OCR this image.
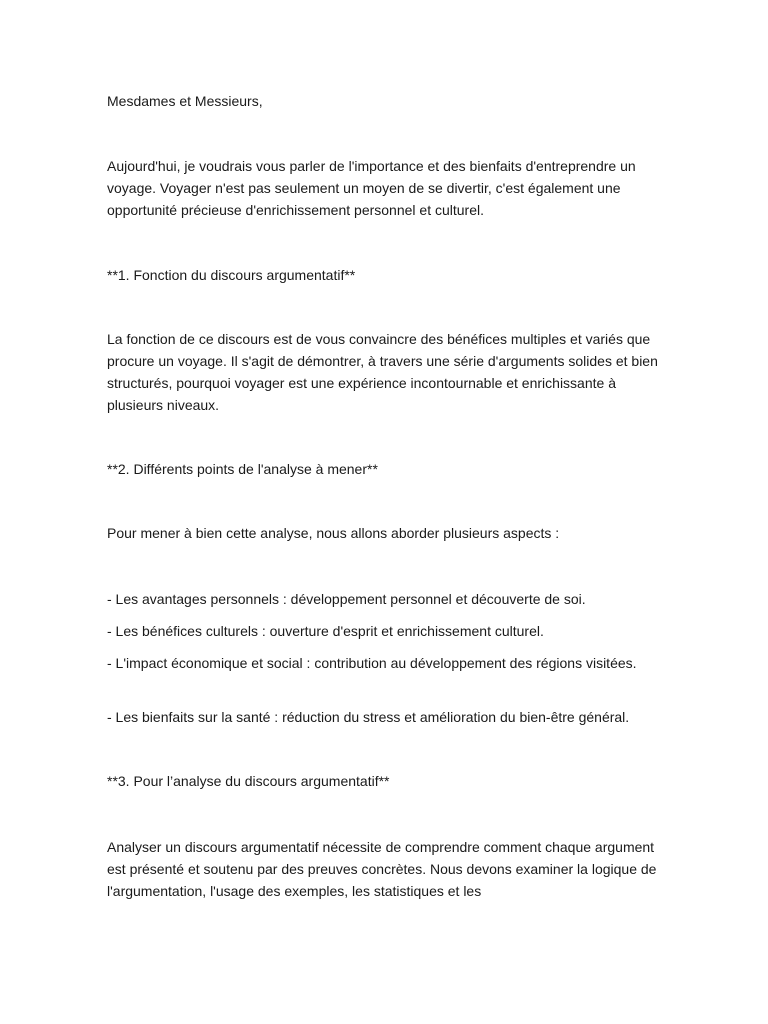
Mesdames et Messieurs,

Aujourd'hui, je voudrais vous parler de l'importance et des bienfaits d'entreprendre un voyage. Voyager n'est pas seulement un moyen de se divertir, c'est également une opportunité précieuse d'enrichissement personnel et culturel.

**1. Fonction du discours argumentatif**

La fonction de ce discours est de vous convaincre des bénéfices multiples et variés que procure un voyage. Il s'agit de démontrer, à travers une série d'arguments solides et bien structurés, pourquoi voyager est une expérience incontournable et enrichissante à plusieurs niveaux.

**2. Différents points de l'analyse à mener**

Pour mener à bien cette analyse, nous allons aborder plusieurs aspects :

- Les avantages personnels : développement personnel et découverte de soi.

- Les bénéfices culturels : ouverture d'esprit et enrichissement culturel.

- L'impact économique et social : contribution au développement des régions visitées.

- Les bienfaits sur la santé : réduction du stress et amélioration du bien-être général.

**3. Pour l’analyse du discours argumentatif**

Analyser un discours argumentatif nécessite de comprendre comment chaque argument est présenté et soutenu par des preuves concrètes. Nous devons examiner la logique de l'argumentation, l'usage des exemples, les statistiques et les
